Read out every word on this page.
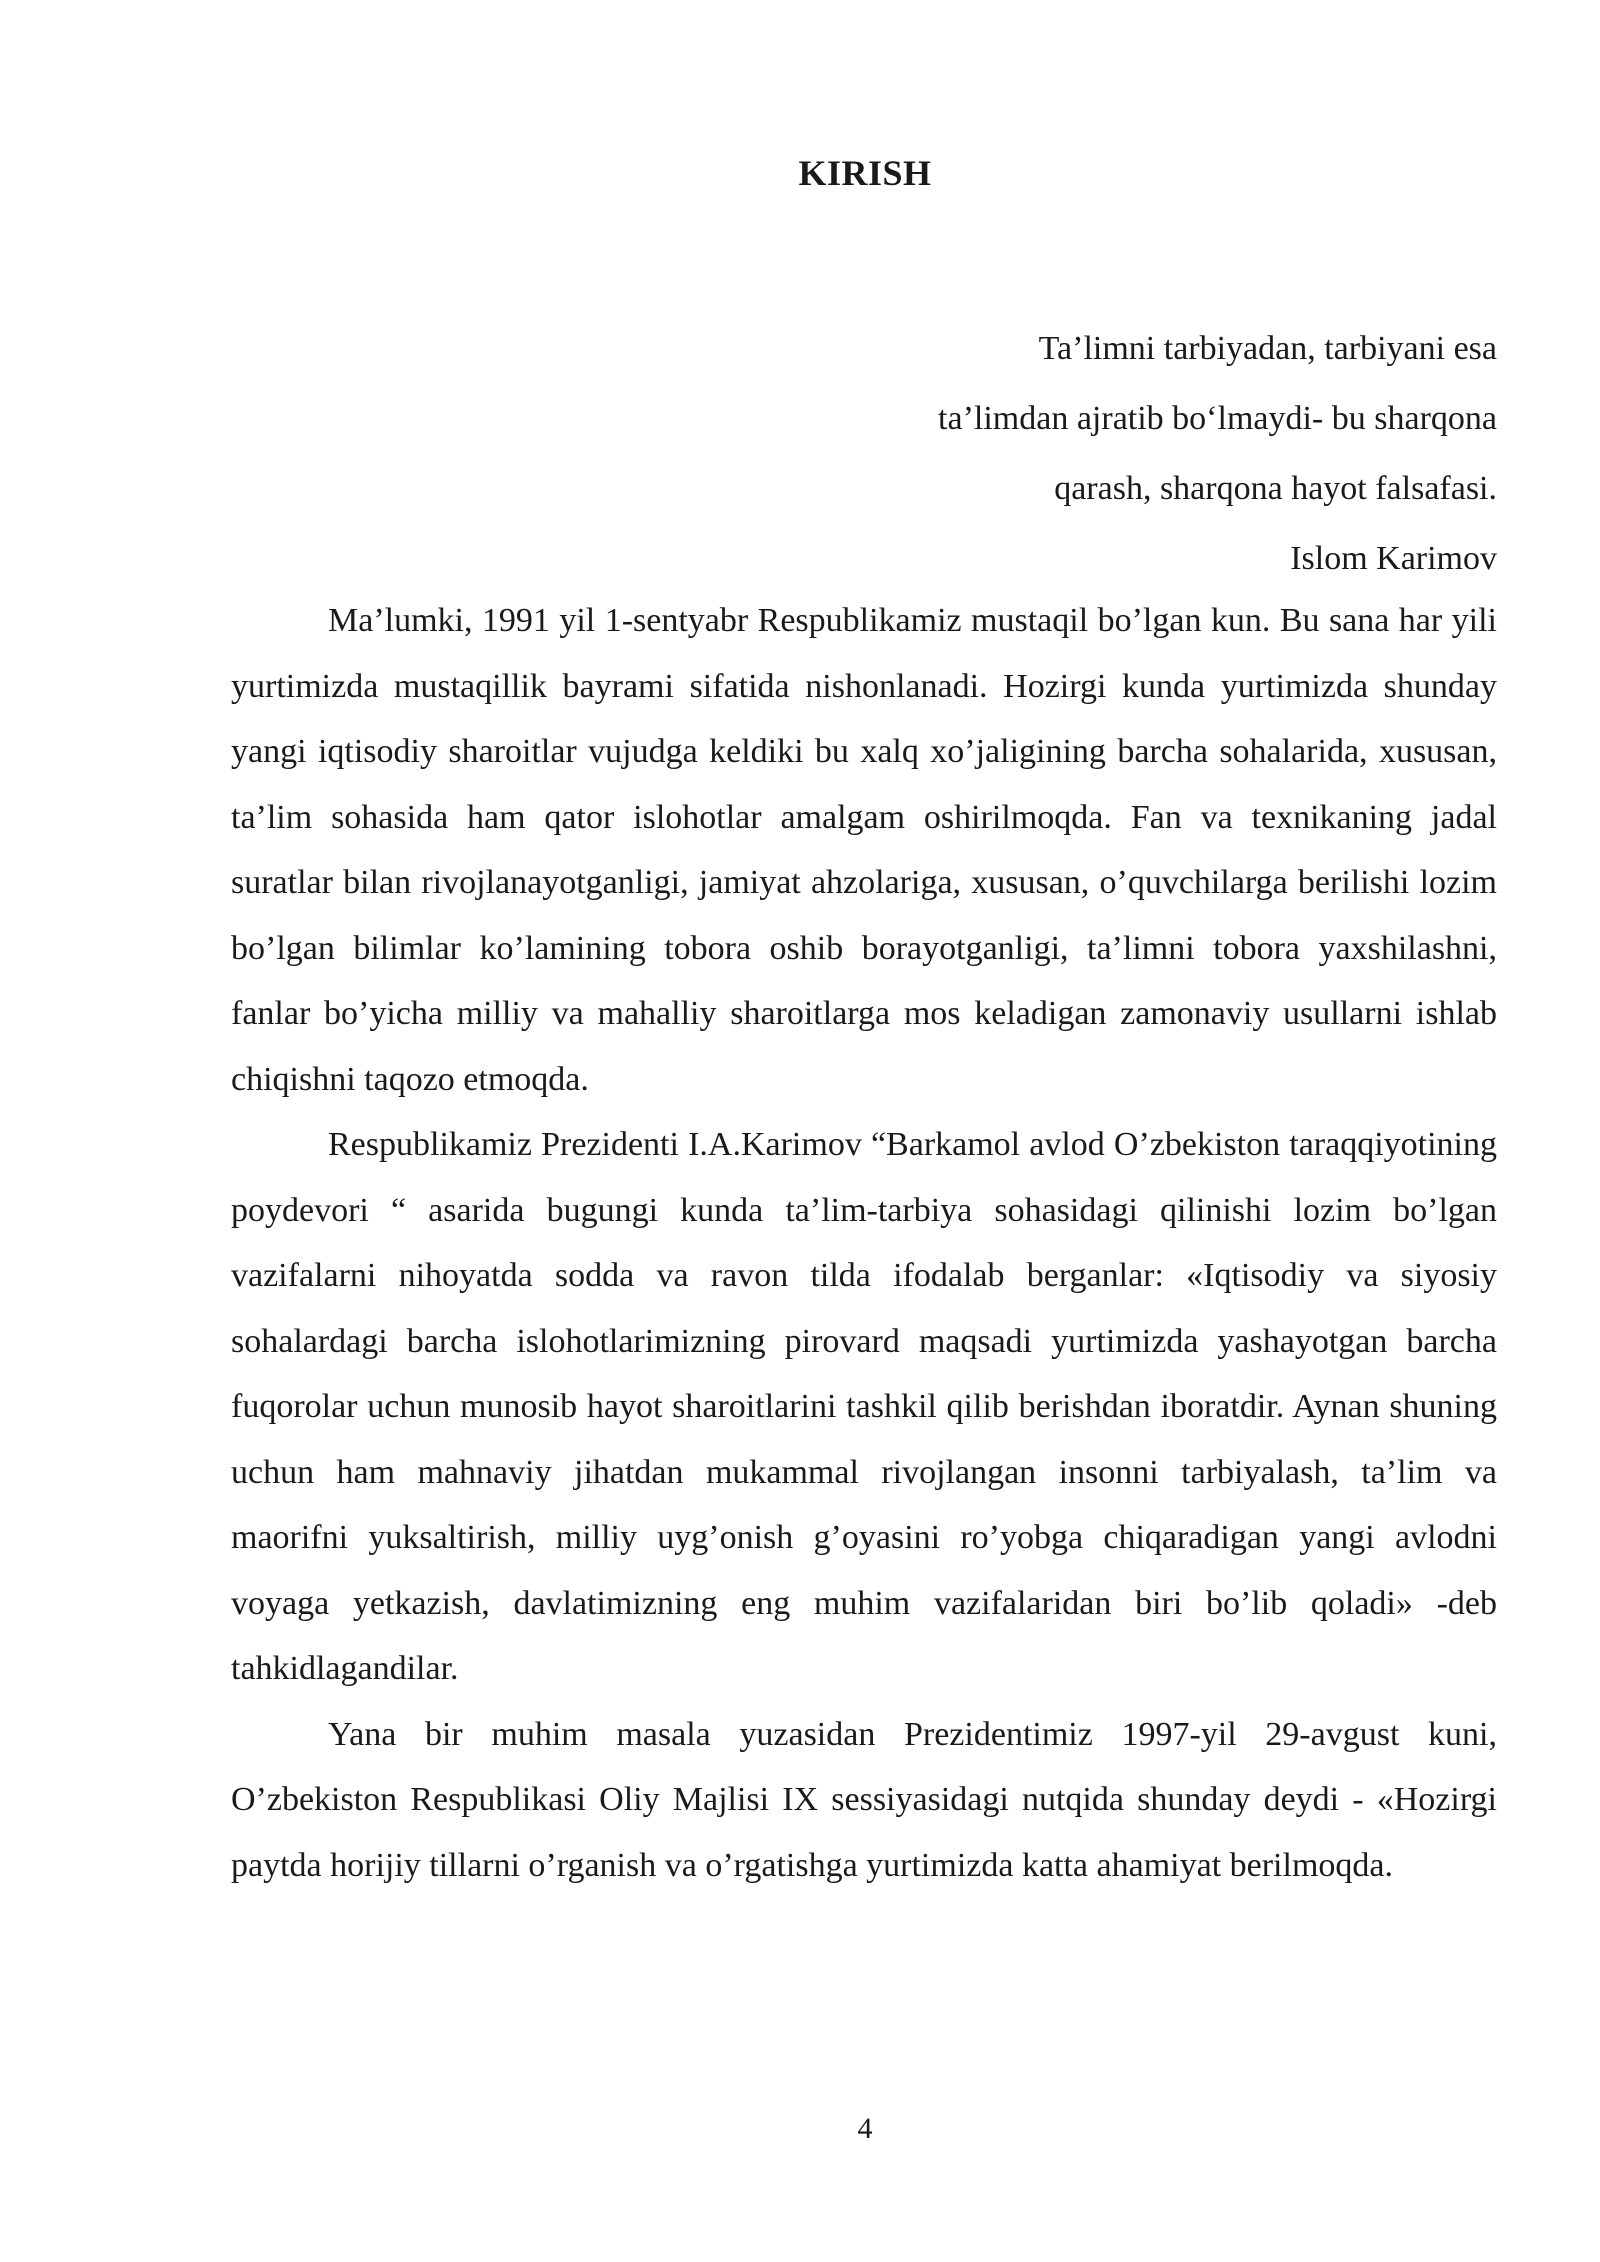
KIRISH
Ta’limni tarbiyadan, tarbiyani esa
ta’limdan ajratib bo‘lmaydi- bu sharqona
qarash, sharqona hayot falsafasi.
Islom Karimov

Ma’lumki, 1991 yil 1-sentyabr Respublikamiz mustaqil bo’lgan kun. Bu sana har yili yurtimizda mustaqillik bayrami sifatida nishonlanadi. Hozirgi kunda yurtimizda shunday yangi iqtisodiy sharoitlar vujudga keldiki bu xalq xo’jaligining barcha sohalarida, xususan, ta’lim sohasida ham qator islohotlar amalgam oshirilmoqda. Fan va texnikaning jadal suratlar bilan rivojlanayotganligi, jamiyat ahzolariga, xususan, o’quvchilarga berilishi lozim bo’lgan bilimlar ko’lamining tobora oshib borayotganligi, ta’limni tobora yaxshilashni, fanlar bo’yicha milliy va mahalliy sharoitlarga mos keladigan zamonaviy usullarni ishlab chiqishni taqozo etmoqda.

Respublikamiz Prezidenti I.A.Karimov “Barkamol avlod O’zbekiston taraqqiyotining poydevori “ asarida bugungi kunda ta’lim-tarbiya sohasidagi qilinishi lozim bo’lgan vazifalarni nihoyatda sodda va ravon tilda ifodalab berganlar: «Iqtisodiy va siyosiy sohalardagi barcha islohotlarimizning pirovard maqsadi yurtimizda yashayotgan barcha fuqorolar uchun munosib hayot sharoitlarini tashkil qilib berishdan iboratdir. Aynan shuning uchun ham mahnaviy jihatdan mukammal rivojlangan insonni tarbiyalash, ta’lim va maorifni yuksaltirish, milliy uyg’onish g’oyasini ro’yobga chiqaradigan yangi avlodni voyaga yetkazish, davlatimizning eng muhim vazifalaridan biri bo’lib qoladi» -deb tahkidlagandilar.

Yana bir muhim masala yuzasidan Prezidentimiz 1997-yil 29-avgust kuni, O’zbekiston Respublikasi Oliy Majlisi IX sessiyasidagi nutqida shunday deydi - «Hozirgi paytda horijiy tillarni o’rganish va o’rgatishga yurtimizda katta ahamiyat berilmoqda.

4
